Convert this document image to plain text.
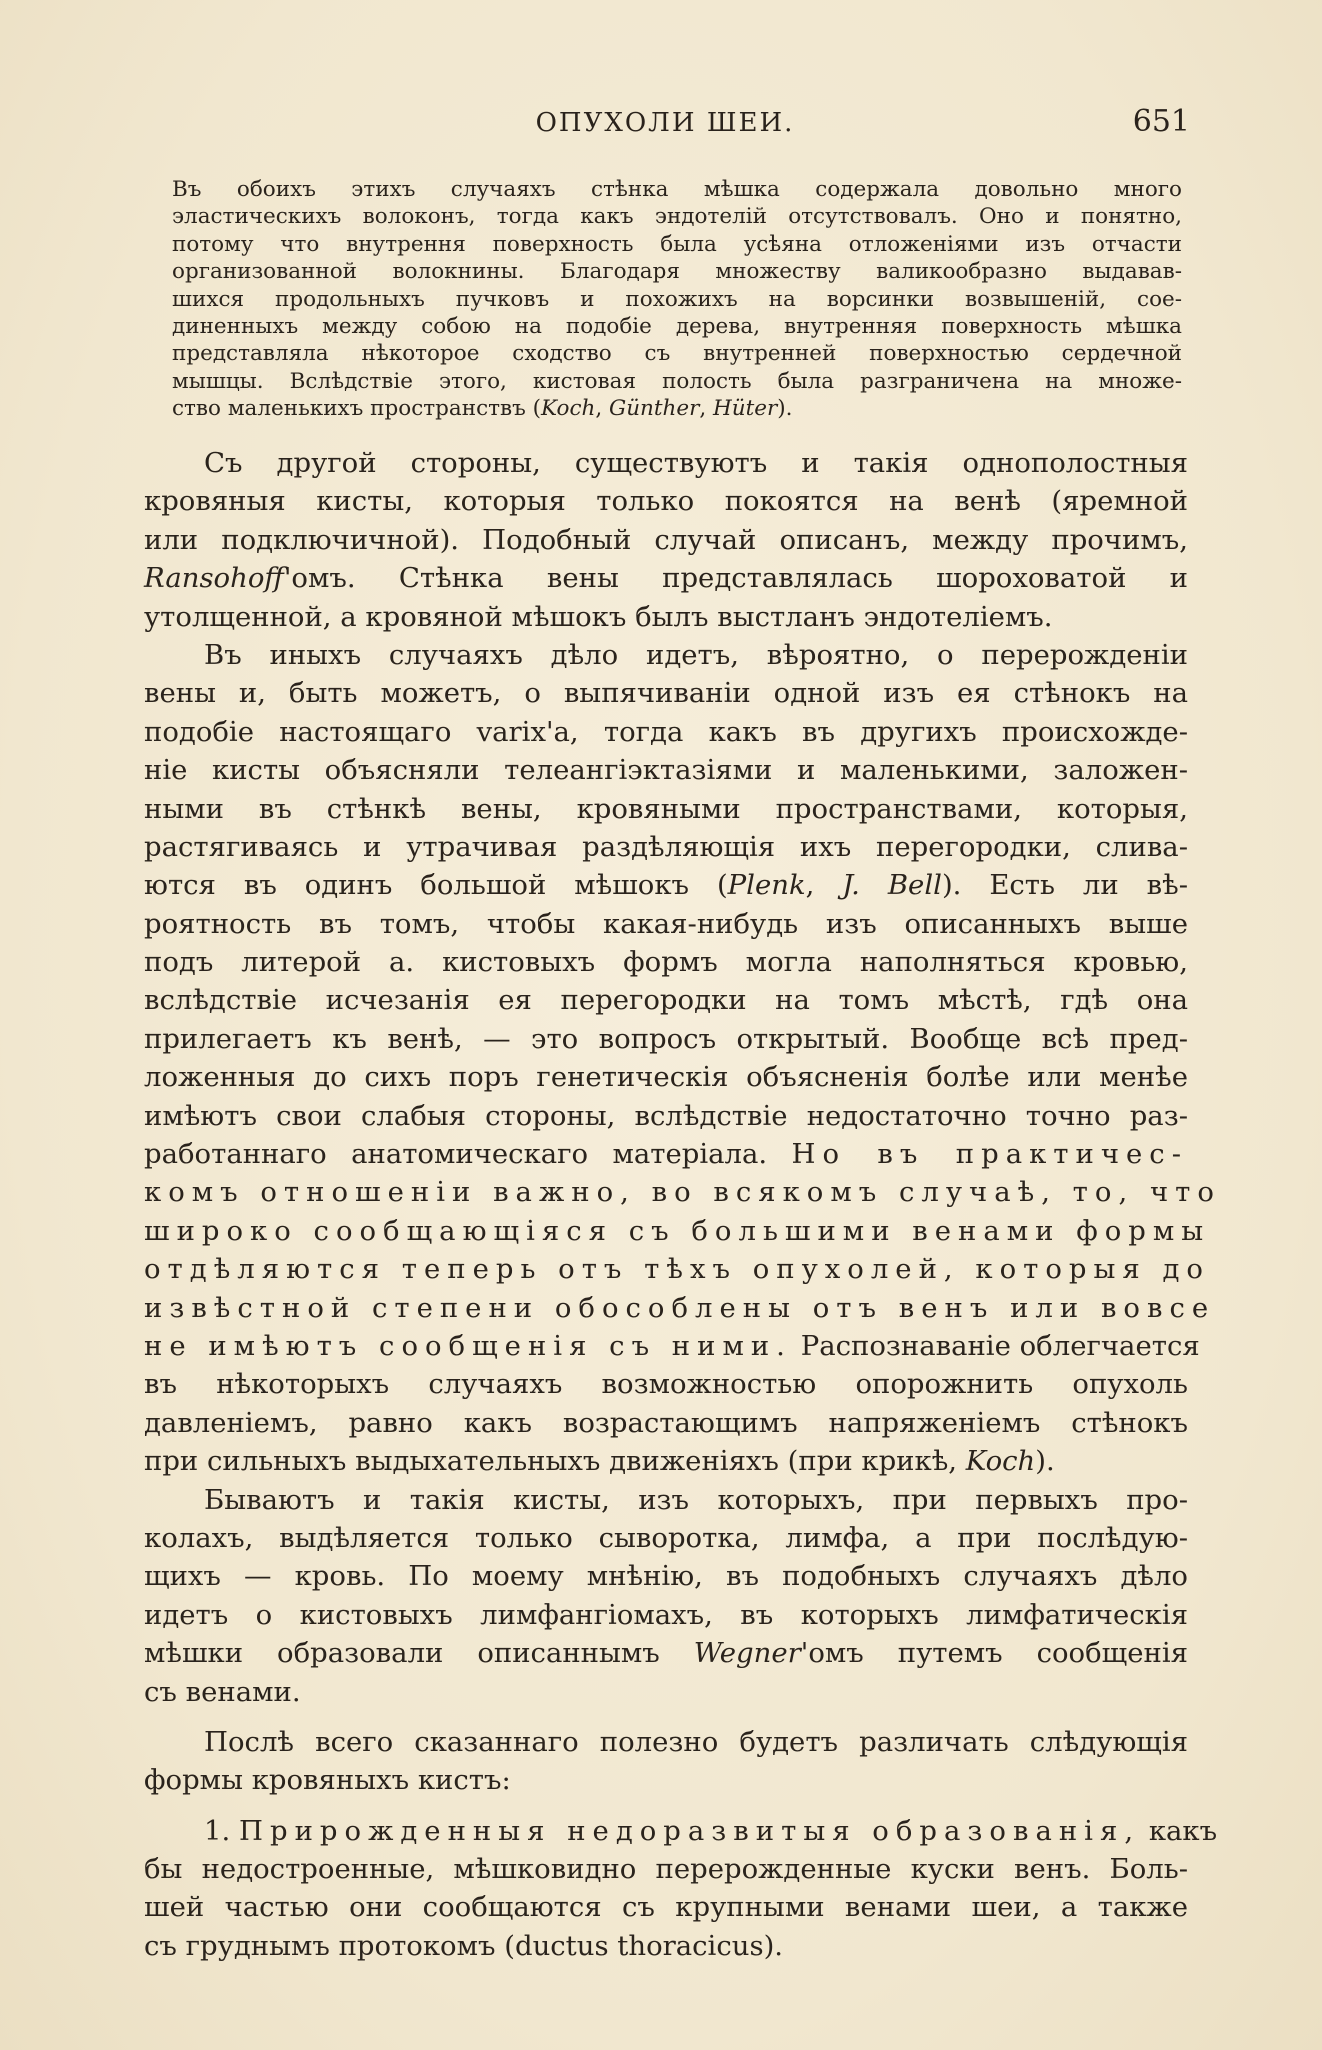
ОПУХОЛИ ШЕИ.	651
Въ обоихъ этихъ случаяхъ стѣнка мѣшка содержала довольно много
эластическихъ волоконъ, тогда какъ эндотелій отсутствовалъ. Оно и понятно,
потому что внутрення поверхность была усѣяна отложеніями изъ отчасти
организованной волокнины. Благодаря множеству валикообразно выдавав-
шихся продольныхъ пучковъ и похожихъ на ворсинки возвышеній, сое-
диненныхъ между собою на подобіе дерева, внутренняя поверхность мѣшка
представляла нѣкоторое сходство съ внутренней поверхностью сердечной
мышцы. Вслѣдствіе этого, кистовая полость была разграничена на множе-
ство маленькихъ пространствъ (Koch, Günther, Hüter).
Съ другой стороны, существуютъ и такія однополостныя
кровяныя кисты, которыя только покоятся на венѣ (яремной
или подключичной). Подобный случай описанъ, между прочимъ,
Ransohoff'омъ. Стѣнка вены представлялась шороховатой и
утолщенной, а кровяной мѣшокъ былъ выстланъ эндотеліемъ.
Въ иныхъ случаяхъ дѣло идетъ, вѣроятно, о перерожденіи
вены и, быть можетъ, о выпячиваніи одной изъ ея стѣнокъ на
подобіе настоящаго varix'a, тогда какъ въ другихъ происхожде-
ніе кисты объясняли телеангіэктазіями и маленькими, заложен-
ными въ стѣнкѣ вены, кровяными пространствами, которыя,
растягиваясь и утрачивая раздѣляющія ихъ перегородки, слива-
ются въ одинъ большой мѣшокъ (Plenk, J. Bell). Есть ли вѣ-
роятность въ томъ, чтобы какая-нибудь изъ описанныхъ выше
подъ литерой а. кистовыхъ формъ могла наполняться кровью,
вслѣдствіе исчезанія ея перегородки на томъ мѣстѣ, гдѣ она
прилегаетъ къ венѣ, — это вопросъ открытый. Вообще всѣ пред-
ложенныя до сихъ поръ генетическія объясненія болѣе или менѣе
имѣютъ свои слабыя стороны, вслѣдствіе недостаточно точно раз-
работаннаго анатомическаго матеріала. Но въ практичес-
комъ отношеніи важно, во всякомъ случаѣ, то, что
широко сообщающіяся съ большими венами формы
отдѣляются теперь отъ тѣхъ опухолей, которыя до
извѣстной степени обособлены отъ венъ или вовсе
не имѣютъ сообщенія съ ними. Распознаваніе облегчается
въ нѣкоторыхъ случаяхъ возможностью опорожнить опухоль
давленіемъ, равно какъ возрастающимъ напряженіемъ стѣнокъ
при сильныхъ выдыхательныхъ движеніяхъ (при крикѣ, Koch).
Бываютъ и такія кисты, изъ которыхъ, при первыхъ про-
колахъ, выдѣляется только сыворотка, лимфа, а при послѣдую-
щихъ — кровь. По моему мнѣнію, въ подобныхъ случаяхъ дѣло
идетъ о кистовыхъ лимфангіомахъ, въ которыхъ лимфатическія
мѣшки образовали описаннымъ Wegner'омъ путемъ сообщенія
съ венами.
Послѣ всего сказаннаго полезно будетъ различать слѣдующія
формы кровяныхъ кистъ:
1. Прирожденныя недоразвитыя образованія, какъ
бы недостроенные, мѣшковидно перерожденные куски венъ. Боль-
шей частью они сообщаются съ крупными венами шеи, а также
съ груднымъ протокомъ (ductus thoracicus).
